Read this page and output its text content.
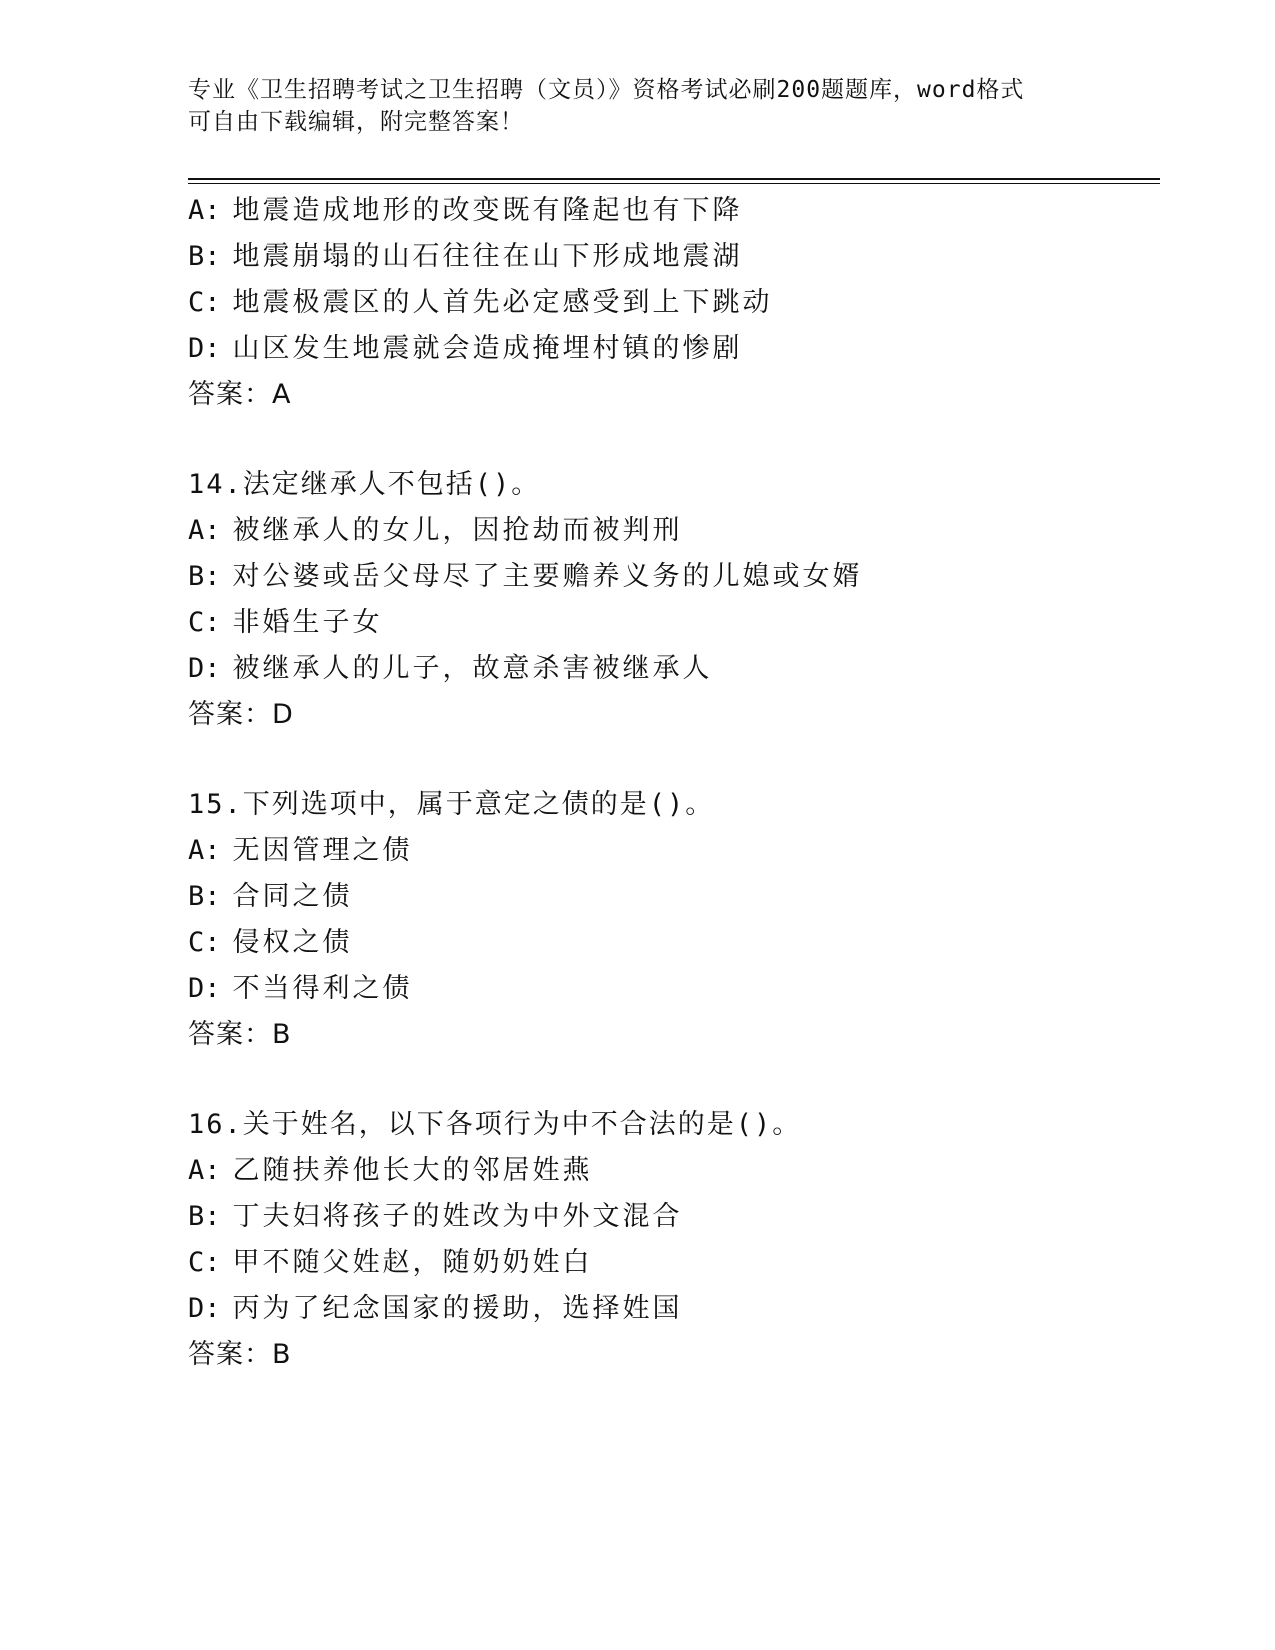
专业《卫生招聘考试之卫生招聘（文员）》资格考试必刷200题题库，word格式
可自由下载编辑，附完整答案！
A: 地震造成地形的改变既有隆起也有下降
B: 地震崩塌的山石往往在山下形成地震湖
C: 地震极震区的人首先必定感受到上下跳动
D: 山区发生地震就会造成掩埋村镇的惨剧
答案：A
14.法定继承人不包括()。
A: 被继承人的女儿，因抢劫而被判刑
B: 对公婆或岳父母尽了主要赡养义务的儿媳或女婿
C: 非婚生子女
D: 被继承人的儿子，故意杀害被继承人
答案：D
15.下列选项中，属于意定之债的是()。
A: 无因管理之债
B: 合同之债
C: 侵权之债
D: 不当得利之债
答案：B
16.关于姓名，以下各项行为中不合法的是()。
A: 乙随扶养他长大的邻居姓燕
B: 丁夫妇将孩子的姓改为中外文混合
C: 甲不随父姓赵，随奶奶姓白
D: 丙为了纪念国家的援助，选择姓国
答案：B
